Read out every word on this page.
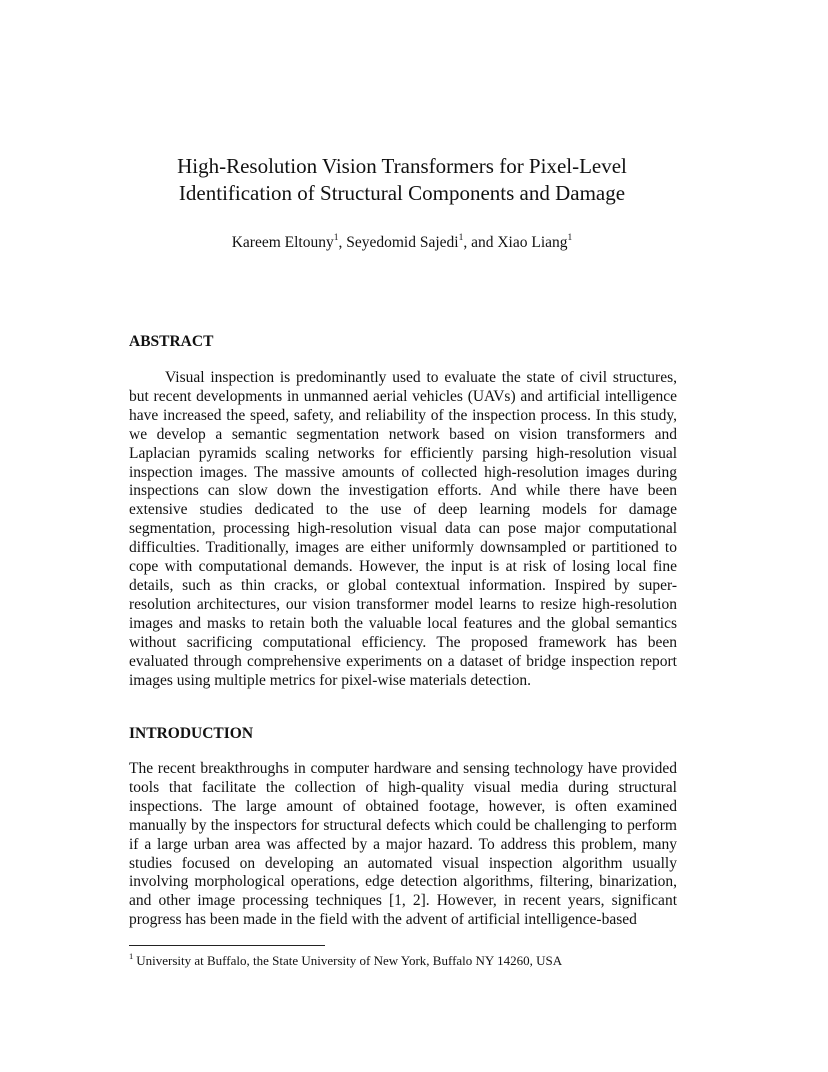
High-Resolution Vision Transformers for Pixel-Level
Identification of Structural Components and Damage

Kareem Eltouny$^1$, Seyedomid Sajedi$^1$, and Xiao Liang$^1$

ABSTRACT

Visual inspection is predominantly used to evaluate the state of civil structures, but recent developments in unmanned aerial vehicles (UAVs) and artificial intelligence have increased the speed, safety, and reliability of the inspection process. In this study, we develop a semantic segmentation network based on vision transformers and Laplacian pyramids scaling networks for efficiently parsing high-resolution visual inspection images. The massive amounts of collected high-resolution images during inspections can slow down the investigation efforts. And while there have been extensive studies dedicated to the use of deep learning models for damage segmentation, processing high-resolution visual data can pose major computational difficulties. Traditionally, images are either uniformly downsampled or partitioned to cope with computational demands. However, the input is at risk of losing local fine details, such as thin cracks, or global contextual information. Inspired by super-resolution architectures, our vision transformer model learns to resize high-resolution images and masks to retain both the valuable local features and the global semantics without sacrificing computational efficiency. The proposed framework has been evaluated through comprehensive experiments on a dataset of bridge inspection report images using multiple metrics for pixel-wise materials detection.

INTRODUCTION

The recent breakthroughs in computer hardware and sensing technology have provided tools that facilitate the collection of high-quality visual media during structural inspections. The large amount of obtained footage, however, is often examined manually by the inspectors for structural defects which could be challenging to perform if a large urban area was affected by a major hazard. To address this problem, many studies focused on developing an automated visual inspection algorithm usually involving morphological operations, edge detection algorithms, filtering, binarization, and other image processing techniques [1, 2]. However, in recent years, significant progress has been made in the field with the advent of artificial intelligence-based

$^1$ University at Buffalo, the State University of New York, Buffalo NY 14260, USA
